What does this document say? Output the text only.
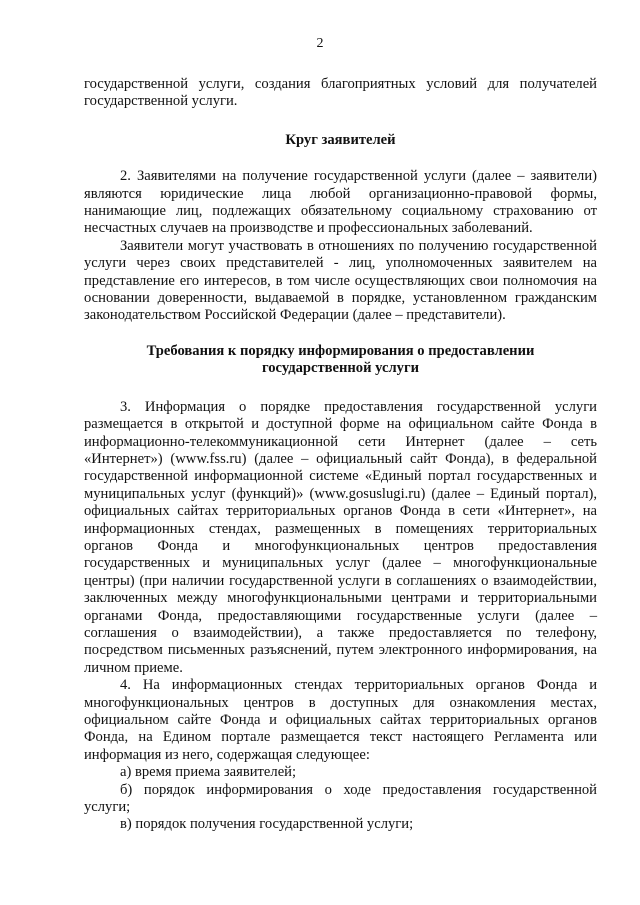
2

государственной услуги, создания благоприятных условий для получателей государственной услуги.

Круг заявителей

2. Заявителями на получение государственной услуги (далее – заявители) являются юридические лица любой организационно-правовой формы, нанимающие лиц, подлежащих обязательному социальному страхованию от несчастных случаев на производстве и профессиональных заболеваний.

Заявители могут участвовать в отношениях по получению государственной услуги через своих представителей - лиц, уполномоченных заявителем на представление его интересов, в том числе осуществляющих свои полномочия на основании доверенности, выдаваемой в порядке, установленном гражданским законодательством Российской Федерации (далее – представители).

Требования к порядку информирования о предоставлении
государственной услуги

3. Информация о порядке предоставления государственной услуги размещается в открытой и доступной форме на официальном сайте Фонда в информационно-телекоммуникационной сети Интернет (далее – сеть «Интернет») (www.fss.ru) (далее – официальный сайт Фонда), в федеральной государственной информационной системе «Единый портал государственных и муниципальных услуг (функций)» (www.gosuslugi.ru) (далее – Единый портал), официальных сайтах территориальных органов Фонда в сети «Интернет», на информационных стендах, размещенных в помещениях территориальных органов Фонда и многофункциональных центров предоставления государственных и муниципальных услуг (далее – многофункциональные центры) (при наличии государственной услуги в соглашениях о взаимодействии, заключенных между многофункциональными центрами и территориальными органами Фонда, предоставляющими государственные услуги (далее – соглашения о взаимодействии), а также предоставляется по телефону, посредством письменных разъяснений, путем электронного информирования, на личном приеме.

4. На информационных стендах территориальных органов Фонда и многофункциональных центров в доступных для ознакомления местах, официальном сайте Фонда и официальных сайтах территориальных органов Фонда, на Едином портале размещается текст настоящего Регламента или информация из него, содержащая следующее:

а) время приема заявителей;

б) порядок информирования о ходе предоставления государственной услуги;

в) порядок получения государственной услуги;
